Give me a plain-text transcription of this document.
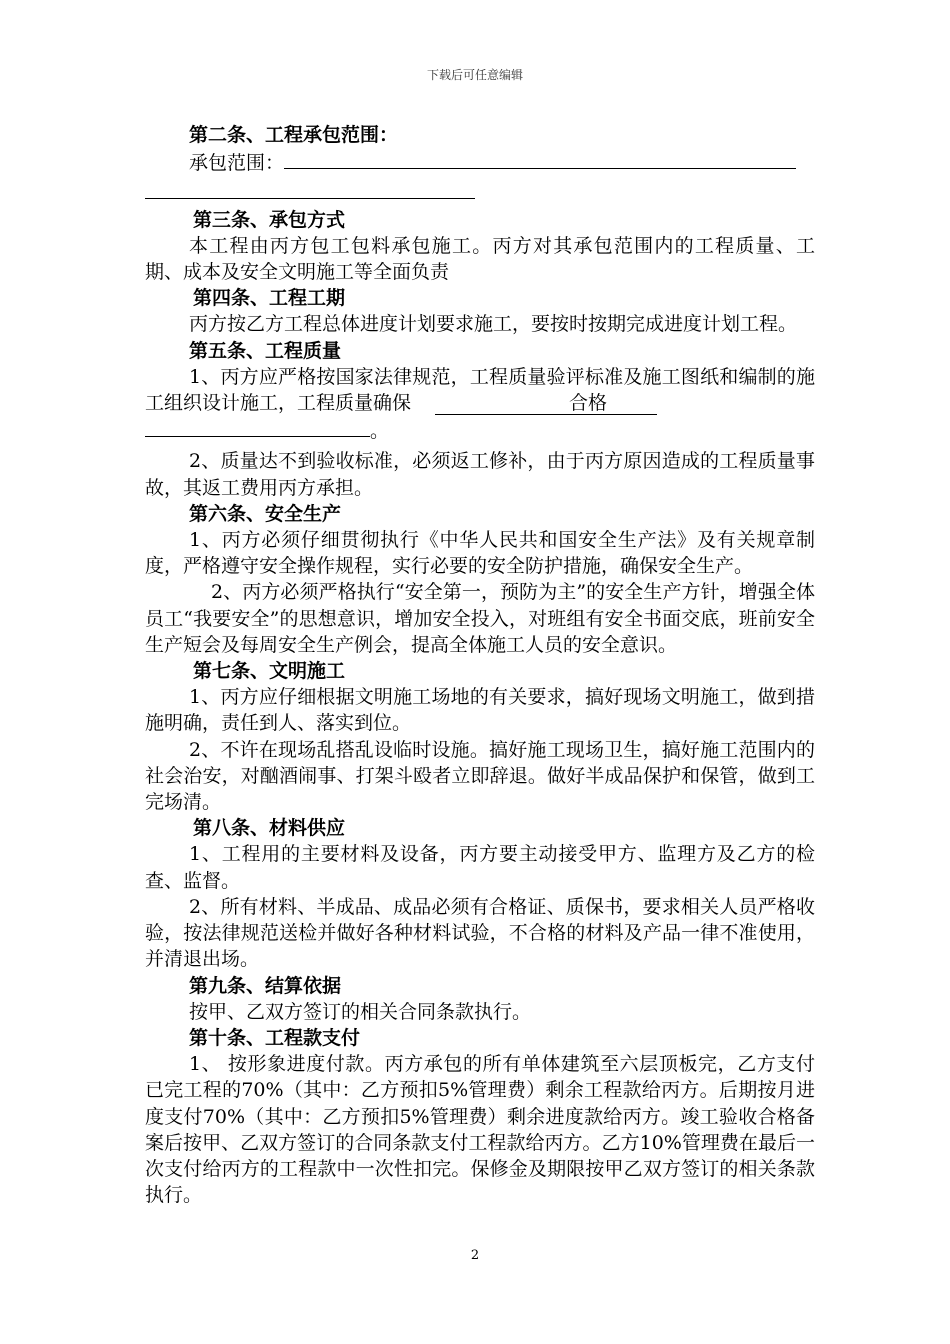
下载后可任意编辑

第二条、工程承包范围：

承包范围：

第三条、承包方式

本工程由丙方包工包料承包施工。丙方对其承包范围内的工程质量、工期、成本及安全文明施工等全面负责

第四条、工程工期

丙方按乙方工程总体进度计划要求施工，要按时按期完成进度计划工程。

第五条、工程质量

1、丙方应严格按国家法律规范，工程质量验评标准及施工图纸和编制的施工组织设计施工，工程质量确保	合格
。

2、质量达不到验收标准，必须返工修补，由于丙方原因造成的工程质量事故，其返工费用丙方承担。

第六条、安全生产

1、丙方必须仔细贯彻执行《中华人民共和国安全生产法》及有关规章制度，严格遵守安全操作规程，实行必要的安全防护措施，确保安全生产。

2、丙方必须严格执行“安全第一，预防为主”的安全生产方针，增强全体员工“我要安全”的思想意识，增加安全投入，对班组有安全书面交底，班前安全生产短会及每周安全生产例会，提高全体施工人员的安全意识。

第七条、文明施工

1、丙方应仔细根据文明施工场地的有关要求，搞好现场文明施工，做到措施明确，责任到人、落实到位。

2、不许在现场乱搭乱设临时设施。搞好施工现场卫生，搞好施工范围内的社会治安，对酗酒闹事、打架斗殴者立即辞退。做好半成品保护和保管，做到工完场清。

第八条、材料供应

1、工程用的主要材料及设备，丙方要主动接受甲方、监理方及乙方的检查、监督。

2、所有材料、半成品、成品必须有合格证、质保书，要求相关人员严格收验，按法律规范送检并做好各种材料试验，不合格的材料及产品一律不准使用，并清退出场。

第九条、结算依据

按甲、乙双方签订的相关合同条款执行。

第十条、工程款支付

1、 按形象进度付款。丙方承包的所有单体建筑至六层顶板完，乙方支付已完工程的70%（其中：乙方预扣5%管理费）剩余工程款给丙方。后期按月进度支付70%（其中：乙方预扣5%管理费）剩余进度款给丙方。竣工验收合格备案后按甲、乙双方签订的合同条款支付工程款给丙方。乙方10%管理费在最后一次支付给丙方的工程款中一次性扣完。保修金及期限按甲乙双方签订的相关条款执行。

2
